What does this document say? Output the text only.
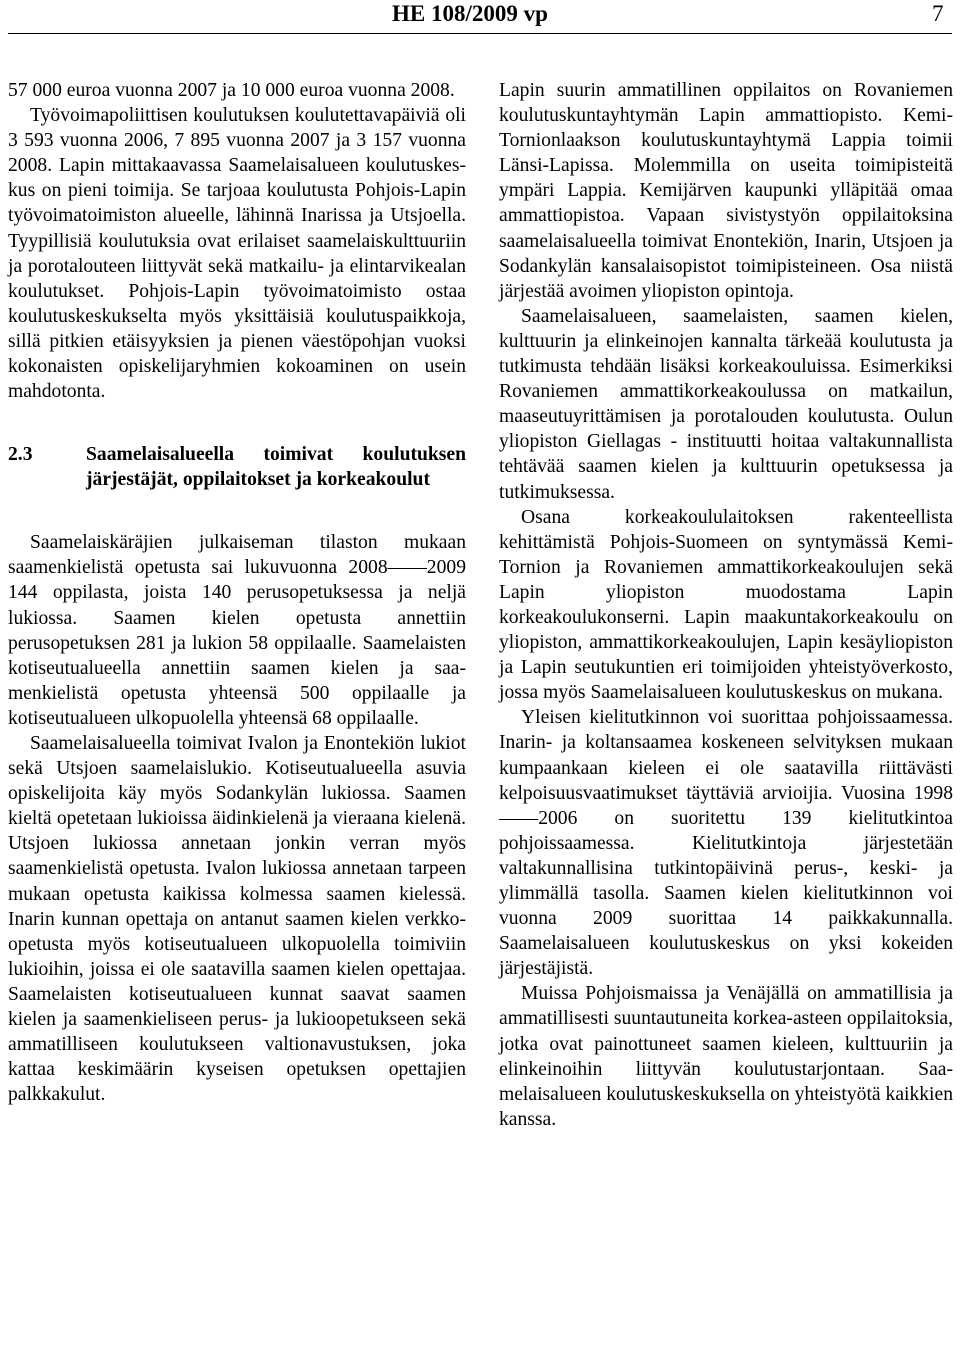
HE 108/2009 vp	7

57 000 euroa vuonna 2007 ja 10 000 euroa vuonna 2008.

Työvoimapoliittisen koulutuksen koulutettavapäiviä oli 3 593 vuonna 2006, 7 895 vuonna 2007 ja 3 157 vuonna 2008. Lapin mittakaavassa Saamelaisalueen koulutuskeskus on pieni toimija. Se tarjoaa koulutusta Pohjois-Lapin työvoimatoimiston alueelle, lähinnä Inarissa ja Utsjoella. Tyypillisiä koulutuksia ovat erilaiset saamelaiskulttuuriin ja porotalouteen liittyvät sekä matkailu- ja elintarvikealan koulutukset. Pohjois-Lapin työvoimatoimisto ostaa koulutuskeskukselta myös yksittäisiä koulutuspaikkoja, sillä pitkien etäisyyksien ja pienen väestöpohjan vuoksi kokonaisten opiskelijaryhmien kokoaminen on usein mahdotonta.

2.3	Saamelaisalueella toimivat koulutuksen järjestäjät, oppilaitokset ja korkeakoulut

Saamelaiskäräjien julkaiseman tilaston mukaan saamenkielistä opetusta sai lukuvuonna 2008——2009 144 oppilasta, joista 140 perusopetuksessa ja neljä lukiossa. Saamen kielen opetusta annettiin perusopetuksen 281 ja lukion 58 oppilaalle. Saamelaisten kotiseutualueella annettiin saamen kielen ja saamenkielistä opetusta yhteensä 500 oppilaalle ja kotiseutualueen ulkopuolella yhteensä 68 oppilaalle.

Saamelaisalueella toimivat Ivalon ja Enontekiön lukiot sekä Utsjoen saamelaislukio. Kotiseutualueella asuvia opiskelijoita käy myös Sodankylän lukiossa. Saamen kieltä opetetaan lukioissa äidinkielenä ja vieraana kielenä. Utsjoen lukiossa annetaan jonkin verran myös saamenkielistä opetusta. Ivalon lukiossa annetaan tarpeen mukaan opetusta kaikissa kolmessa saamen kielessä. Inarin kunnan opettaja on antanut saamen kielen verkko-opetusta myös kotiseutualueen ulkopuolella toimiviin lukioihin, joissa ei ole saatavilla saamen kielen opettajaa. Saamelaisten kotiseutualueen kunnat saavat saamen kielen ja saamenkieliseen perus- ja lukioopetukseen sekä ammatilliseen koulutukseen valtionavustuksen, joka kattaa keskimäärin kyseisen opetuksen opettajien palkkakulut.

Lapin suurin ammatillinen oppilaitos on Rovaniemen koulutuskuntayhtymän Lapin ammattiopisto. Kemi-Tornionlaakson koulutuskuntayhtymä Lappia toimii Länsi-Lapissa. Molemmilla on useita toimipisteitä ympäri Lappia. Kemijärven kaupunki ylläpitää omaa ammattiopistoa. Vapaan sivistystyön oppilaitoksina saamelaisalueella toimivat Enontekiön, Inarin, Utsjoen ja Sodankylän kansalaisopistot toimipisteineen. Osa niistä järjestää avoimen yliopiston opintoja.

Saamelaisalueen, saamelaisten, saamen kielen, kulttuurin ja elinkeinojen kannalta tärkeää koulutusta ja tutkimusta tehdään lisäksi korkeakouluissa. Esimerkiksi Rovaniemen ammattikorkeakoulussa on matkailun, maaseutuyrittämisen ja porotalouden koulutusta. Oulun yliopiston Giellagas - instituutti hoitaa valtakunnallista tehtävää saamen kielen ja kulttuurin opetuksessa ja tutkimuksessa.

Osana korkeakoululaitoksen rakenteellista kehittämistä Pohjois-Suomeen on syntymässä Kemi-Tornion ja Rovaniemen ammattikorkeakoulujen sekä Lapin yliopiston muodostama Lapin korkeakoulukonserni. Lapin maakuntakorkeakoulu on yliopiston, ammattikorkeakoulujen, Lapin kesäyliopiston ja Lapin seutukuntien eri toimijoiden yhteistyöverkosto, jossa myös Saamelaisalueen koulutuskeskus on mukana.

Yleisen kielitutkinnon voi suorittaa pohjoissaamessa. Inarin- ja koltansaamea koskeneen selvityksen mukaan kumpaankaan kieleen ei ole saatavilla riittävästi kelpoisuusvaatimukset täyttäviä arvioijia. Vuosina 1998——2006 on suoritettu 139 kielitutkintoa pohjoissaamessa. Kielitutkintoja järjestetään valtakunnallisina tutkintopäivinä perus-, keski- ja ylimmällä tasolla. Saamen kielen kielitutkinnon voi vuonna 2009 suorittaa 14 paikkakunnalla. Saamelaisalueen koulutuskeskus on yksi kokeiden järjestäjistä.

Muissa Pohjoismaissa ja Venäjällä on ammatillisia ja ammatillisesti suuntautuneita korkea-asteen oppilaitoksia, jotka ovat painottuneet saamen kieleen, kulttuuriin ja elinkeinoihin liittyvän koulutustarjontaan. Saamelaisalueen koulutuskeskuksella on yhteistyötä kaikkien kanssa.
